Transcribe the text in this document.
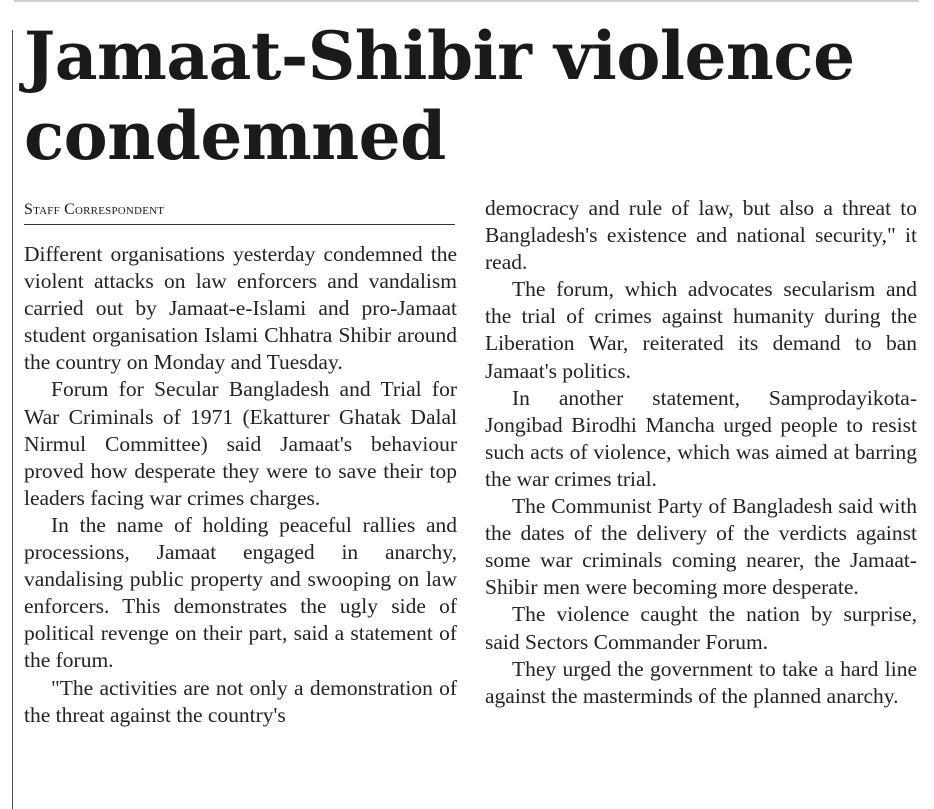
Jamaat-Shibir violence condemned
Staff Correspondent

Different organisations yesterday condemned the violent attacks on law enforcers and vandalism carried out by Jamaat-e-Islami and pro-Jamaat student organisation Islami Chhatra Shibir around the country on Monday and Tuesday.

Forum for Secular Bangladesh and Trial for War Criminals of 1971 (Ekatturer Ghatak Dalal Nirmul Committee) said Jamaat's behaviour proved how desperate they were to save their top leaders facing war crimes charges.

In the name of holding peaceful rallies and processions, Jamaat engaged in anarchy, vandalising public property and swooping on law enforcers. This demonstrates the ugly side of political revenge on their part, said a statement of the forum.

"The activities are not only a demonstration of the threat against the country's

democracy and rule of law, but also a threat to Bangladesh's existence and national security," it read.

The forum, which advocates secularism and the trial of crimes against humanity during the Liberation War, reiterated its demand to ban Jamaat's politics.

In another statement, Samprodayikota-Jongibad Birodhi Mancha urged people to resist such acts of violence, which was aimed at barring the war crimes trial.

The Communist Party of Bangladesh said with the dates of the delivery of the verdicts against some war criminals coming nearer, the Jamaat-Shibir men were becoming more desperate.

The violence caught the nation by surprise, said Sectors Commander Forum.

They urged the government to take a hard line against the masterminds of the planned anarchy.
